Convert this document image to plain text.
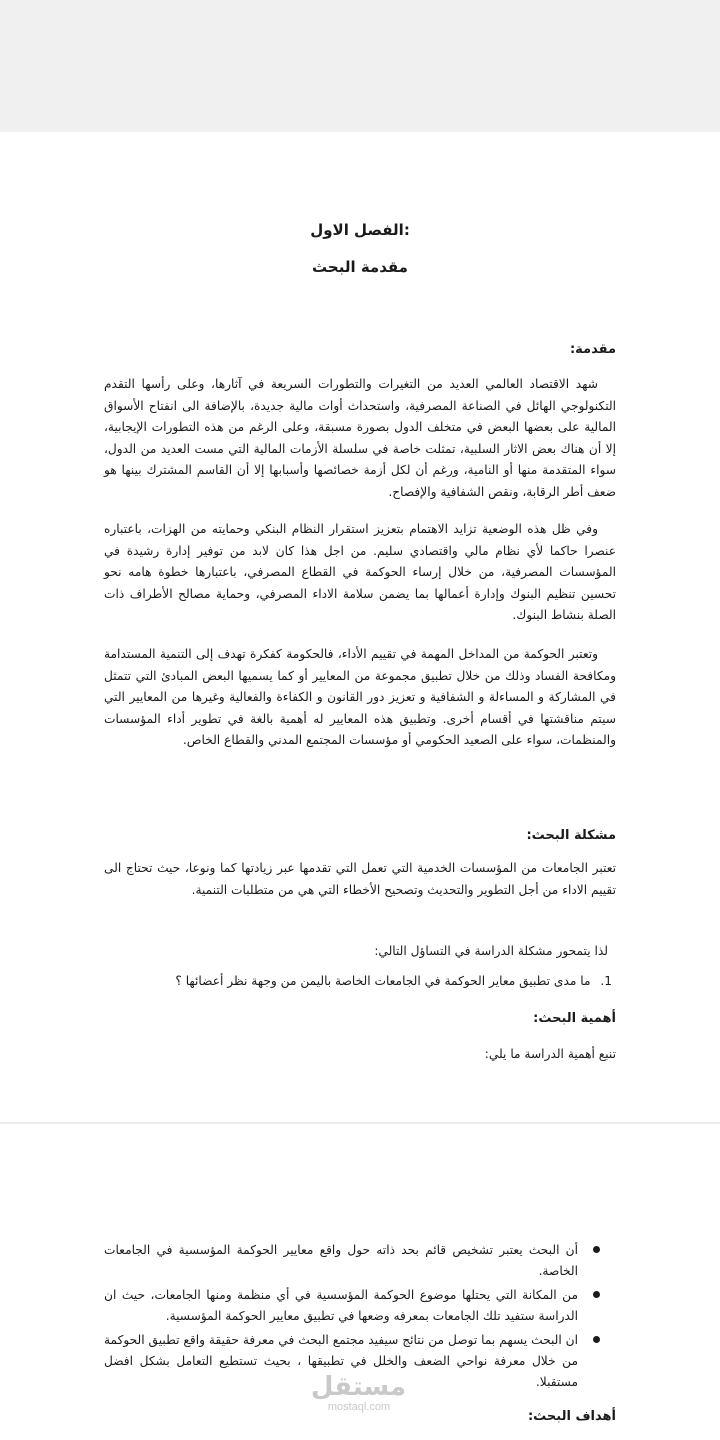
الفصل الاول:
مقدمة البحث
مقدمة:

شهد الاقتصاد العالمي العديد من التغيرات والتطورات السريعة في آثارها، وعلى رأسها التقدم التكنولوجي الهائل في الصناعة المصرفية، واستحداث أوات مالية جديدة، بالإضافة الى انفتاح الأسواق المالية على بعضها البعض في متخلف الدول بصورة مسبقة، وعلى الرغم من هذه التطورات الإيجابية، إلا أن هناك بعض الاثار السلبية، تمثلت خاصة في سلسلة الأزمات المالية التي مست العديد من الدول، سواء المتقدمة منها أو النامية، ورغم أن لكل أزمة خصائصها وأسبابها إلا أن القاسم المشترك بينها هو ضعف أطر الرقابة، ونقص الشفافية والإفصاح.

وفي ظل هذه الوضعية تزايد الاهتمام بتعزيز استقرار النظام البنكي وحمايته من الهزات، باعتباره عنصرا حاكما لأي نظام مالي واقتصادي سليم. من اجل هذا كان لابد من توفير إدارة رشيدة في المؤسسات المصرفية، من خلال إرساء الحوكمة في القطاع المصرفي، باعتبارها خطوة هامه نحو تحسين تنظيم البنوك وإدارة أعمالها بما يضمن سلامة الاداء المصرفي، وحماية مصالح الأطراف ذات الصلة بنشاط البنوك.

وتعتبر الحوكمة من المداخل المهمة في تقييم الأداء، فالحكومة كفكرة تهدف إلى التنمية المستدامة ومكافحة الفساد وذلك من خلال تطبيق مجموعة من المعايير أو كما يسميها البعض المبادئ التي تتمثل في المشاركة و المساءلة و الشفافية و تعزيز دور القانون و الكفاءة والفعالية وغيرها من المعايير التي سيتم مناقشتها في أقسام أخرى. وتطبيق هذه المعايير له أهمية بالغة في تطوير أداء المؤسسات والمنظمات، سواء على الصعيد الحكومي أو مؤسسات المجتمع المدني والقطاع الخاص.

مشكلة البحث:

تعتبر الجامعات من المؤسسات الخدمية التي تعمل التي تقدمها عبر زيادتها كما ونوعا، حيث تحتاج الى تقييم الاداء من أجل التطوير والتحديث وتصحيح الأخطاء التي هي من متطلبات التنمية.

لذا يتمحور مشكلة الدراسة في التساؤل التالي:
1. ما مدى تطبيق معاير الحوكمة في الجامعات الخاصة باليمن من وجهة نظر أعضائها ؟
أهمية البحث:
تنبع أهمية الدراسة ما يلي:
أن البحث يعتبر تشخيص قائم بحد ذاته حول واقع معايير الحوكمة المؤسسية في الجامعات الخاصة.
من المكانة التي يحتلها موضوع الحوكمة المؤسسية في أي منظمة ومنها الجامعات، حيث ان الدراسة ستفيد تلك الجامعات بمعرفه وضعها في تطبيق معايير الحوكمة المؤسسية.
ان البحث يسهم بما توصل من نتائج سيفيد مجتمع البحث في معرفة حقيقة واقع تطبيق الحوكمة من خلال معرفة نواحي الضعف والخلل في تطبيقها ، بحيث تستطيع التعامل بشكل افضل مستقبلا.
أهداف البحث:
مستقل
mostaql.com
